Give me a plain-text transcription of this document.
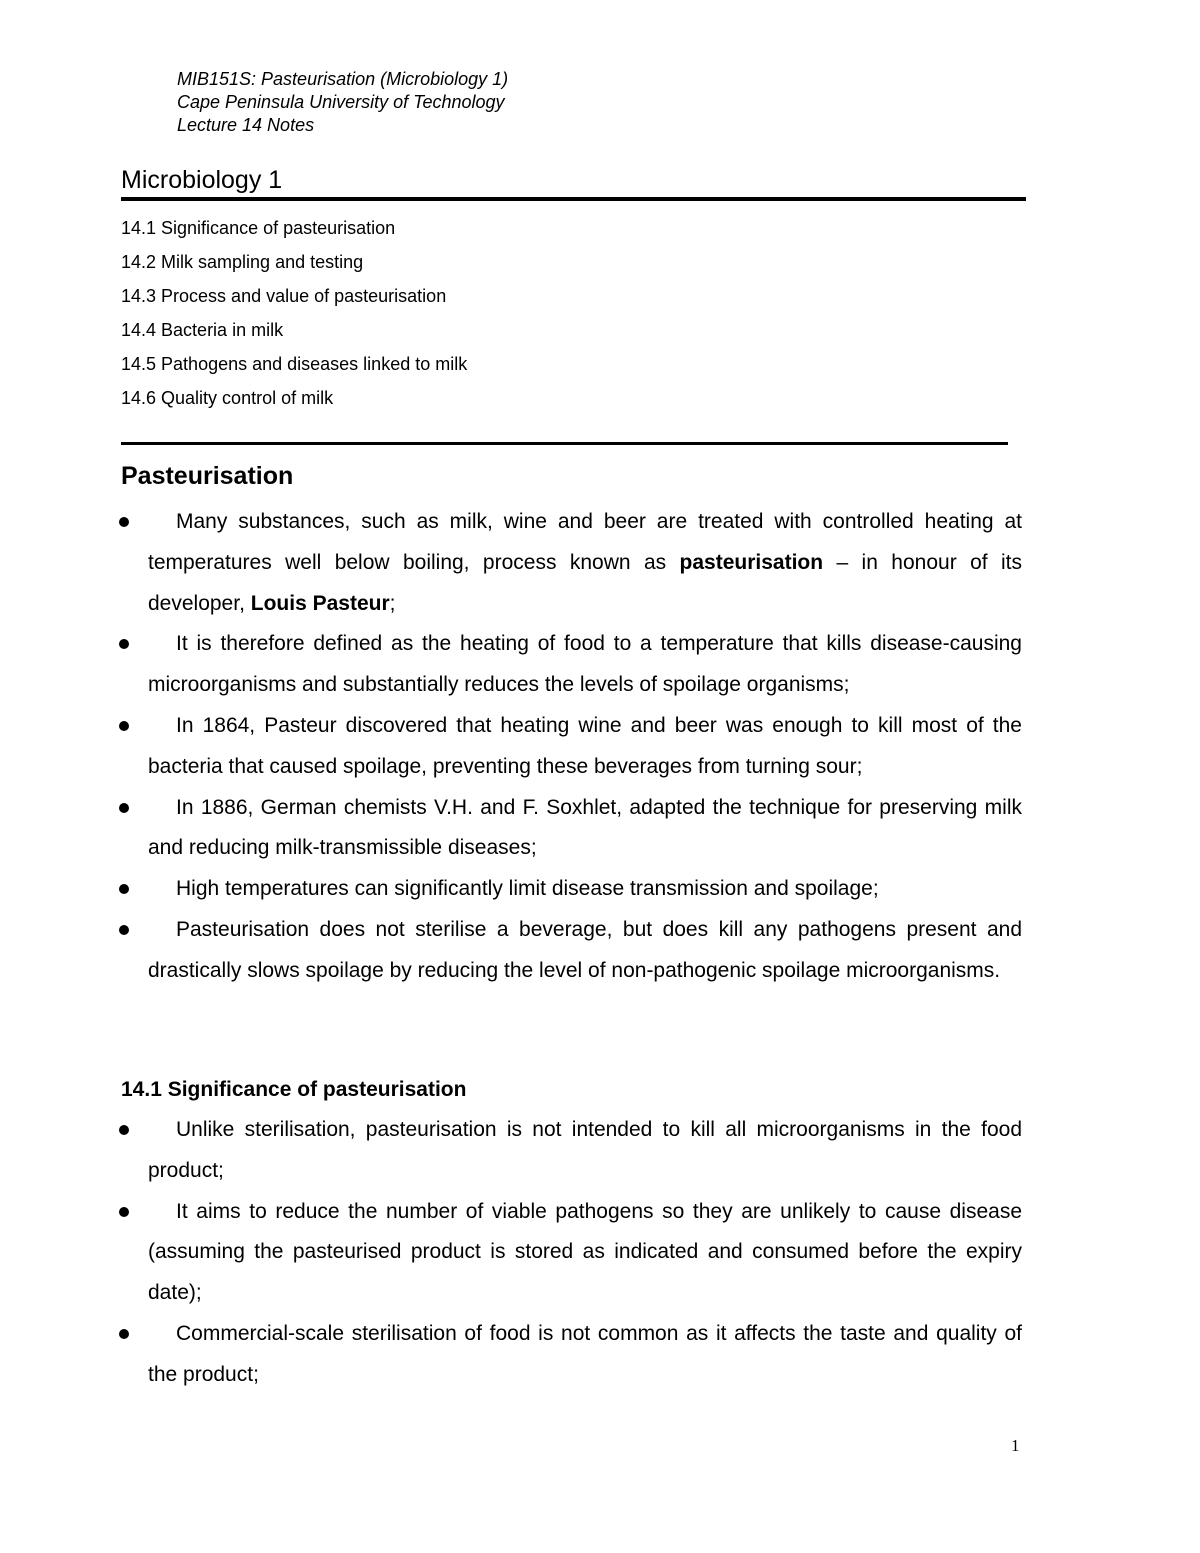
MIB151S: Pasteurisation (Microbiology 1)
Cape Peninsula University of Technology
Lecture 14 Notes
Microbiology 1
14.1 Significance of pasteurisation
14.2 Milk sampling and testing
14.3 Process and value of pasteurisation
14.4 Bacteria in milk
14.5 Pathogens and diseases linked to milk
14.6 Quality control of milk
Pasteurisation
Many substances, such as milk, wine and beer are treated with controlled heating at temperatures well below boiling, process known as pasteurisation – in honour of its developer, Louis Pasteur;
It is therefore defined as the heating of food to a temperature that kills disease-causing microorganisms and substantially reduces the levels of spoilage organisms;
In 1864, Pasteur discovered that heating wine and beer was enough to kill most of the bacteria that caused spoilage, preventing these beverages from turning sour;
In 1886, German chemists V.H. and F. Soxhlet, adapted the technique for preserving milk and reducing milk-transmissible diseases;
High temperatures can significantly limit disease transmission and spoilage;
Pasteurisation does not sterilise a beverage, but does kill any pathogens present and drastically slows spoilage by reducing the level of non-pathogenic spoilage microorganisms.
14.1 Significance of pasteurisation
Unlike sterilisation, pasteurisation is not intended to kill all microorganisms in the food product;
It aims to reduce the number of viable pathogens so they are unlikely to cause disease (assuming the pasteurised product is stored as indicated and consumed before the expiry date);
Commercial-scale sterilisation of food is not common as it affects the taste and quality of the product;
1
